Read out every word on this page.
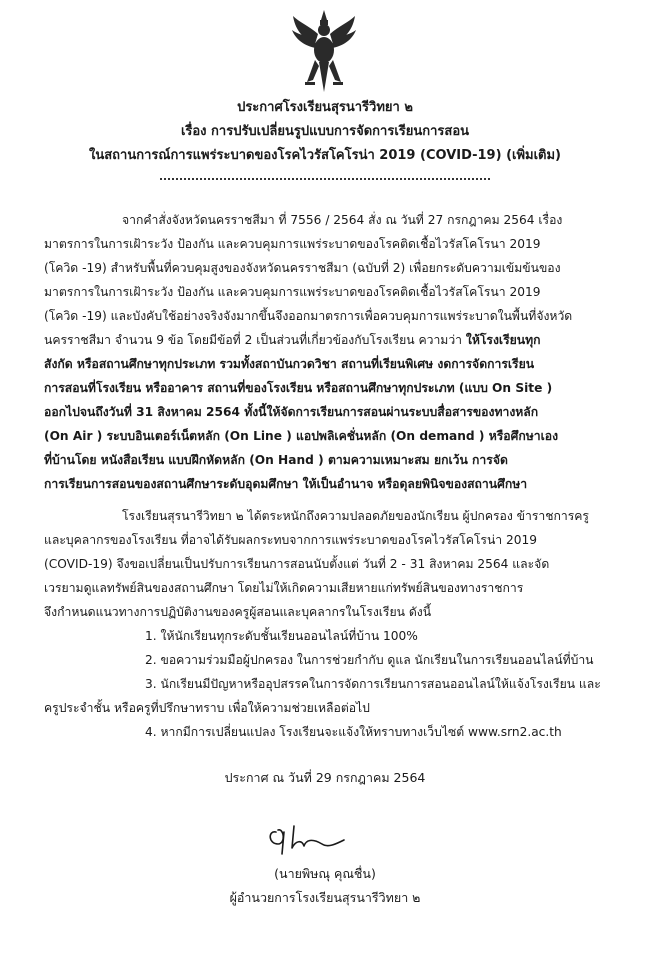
ประกาศโรงเรียนสุรนารีวิทยา ๒
เรื่อง การปรับเปลี่ยนรูปแบบการจัดการเรียนการสอน
ในสถานการณ์การแพร่ระบาดของโรคไวรัสโคโรน่า 2019 (COVID-19) (เพิ่มเติม)
จากคำสั่งจังหวัดนครราชสีมา ที่ 7556 / 2564 สั่ง ณ วันที่ 27 กรกฎาคม 2564 เรื่อง
มาตรการในการเฝ้าระวัง ป้องกัน และควบคุมการแพร่ระบาดของโรคติดเชื้อไวรัสโคโรนา 2019
(โควิด -19) สำหรับพื้นที่ควบคุมสูงของจังหวัดนครราชสีมา (ฉบับที่ 2) เพื่อยกระดับความเข้มข้นของ
มาตรการในการเฝ้าระวัง ป้องกัน และควบคุมการแพร่ระบาดของโรคติดเชื้อไวรัสโคโรนา 2019
(โควิด -19) และบังคับใช้อย่างจริงจังมากขึ้นจึงออกมาตรการเพื่อควบคุมการแพร่ระบาดในพื้นที่จังหวัด
นครราชสีมา จำนวน 9 ข้อ โดยมีข้อที่ 2 เป็นส่วนที่เกี่ยวข้องกับโรงเรียน ความว่า ให้โรงเรียนทุก
สังกัด หรือสถานศึกษาทุกประเภท รวมทั้งสถาบันกวดวิชา สถานที่เรียนพิเศษ งดการจัดการเรียน
การสอนที่โรงเรียน หรืออาคาร สถานที่ของโรงเรียน หรือสถานศึกษาทุกประเภท (แบบ On Site )
ออกไปจนถึงวันที่ 31 สิงหาคม 2564 ทั้งนี้ให้จัดการเรียนการสอนผ่านระบบสื่อสารของทางหลัก
(On Air ) ระบบอินเตอร์เน็ตหลัก (On Line ) แอปพลิเคชั่นหลัก (On demand ) หรือศึกษาเอง
ที่บ้านโดย หนังสือเรียน แบบฝึกหัดหลัก (On Hand ) ตามความเหมาะสม ยกเว้น การจัด
การเรียนการสอนของสถานศึกษาระดับอุดมศึกษา ให้เป็นอำนาจ หรือดุลยพินิจของสถานศึกษา
โรงเรียนสุรนารีวิทยา ๒ ได้ตระหนักถึงความปลอดภัยของนักเรียน ผู้ปกครอง ข้าราชการครู
และบุคลากรของโรงเรียน ที่อาจได้รับผลกระทบจากการแพร่ระบาดของโรคไวรัสโคโรน่า 2019
(COVID-19) จึงขอเปลี่ยนเป็นปรับการเรียนการสอนนับตั้งแต่ วันที่ 2 - 31 สิงหาคม 2564 และจัด
เวรยามดูแลทรัพย์สินของสถานศึกษา โดยไม่ให้เกิดความเสียหายแก่ทรัพย์สินของทางราชการ
จึงกำหนดแนวทางการปฏิบัติงานของครูผู้สอนและบุคลากรในโรงเรียน ดังนี้
1. ให้นักเรียนทุกระดับชั้นเรียนออนไลน์ที่บ้าน 100%
2. ขอความร่วมมือผู้ปกครอง ในการช่วยกำกับ ดูแล นักเรียนในการเรียนออนไลน์ที่บ้าน
3. นักเรียนมีปัญหาหรืออุปสรรคในการจัดการเรียนการสอนออนไลน์ให้แจ้งโรงเรียน และ
ครูประจำชั้น หรือครูที่ปรึกษาทราบ เพื่อให้ความช่วยเหลือต่อไป
4. หากมีการเปลี่ยนแปลง โรงเรียนจะแจ้งให้ทราบทางเว็บไซต์ www.srn2.ac.th
ประกาศ ณ วันที่ 29 กรกฎาคม 2564
(นายพิษณุ คุณชื่น)
ผู้อำนวยการโรงเรียนสุรนารีวิทยา ๒
